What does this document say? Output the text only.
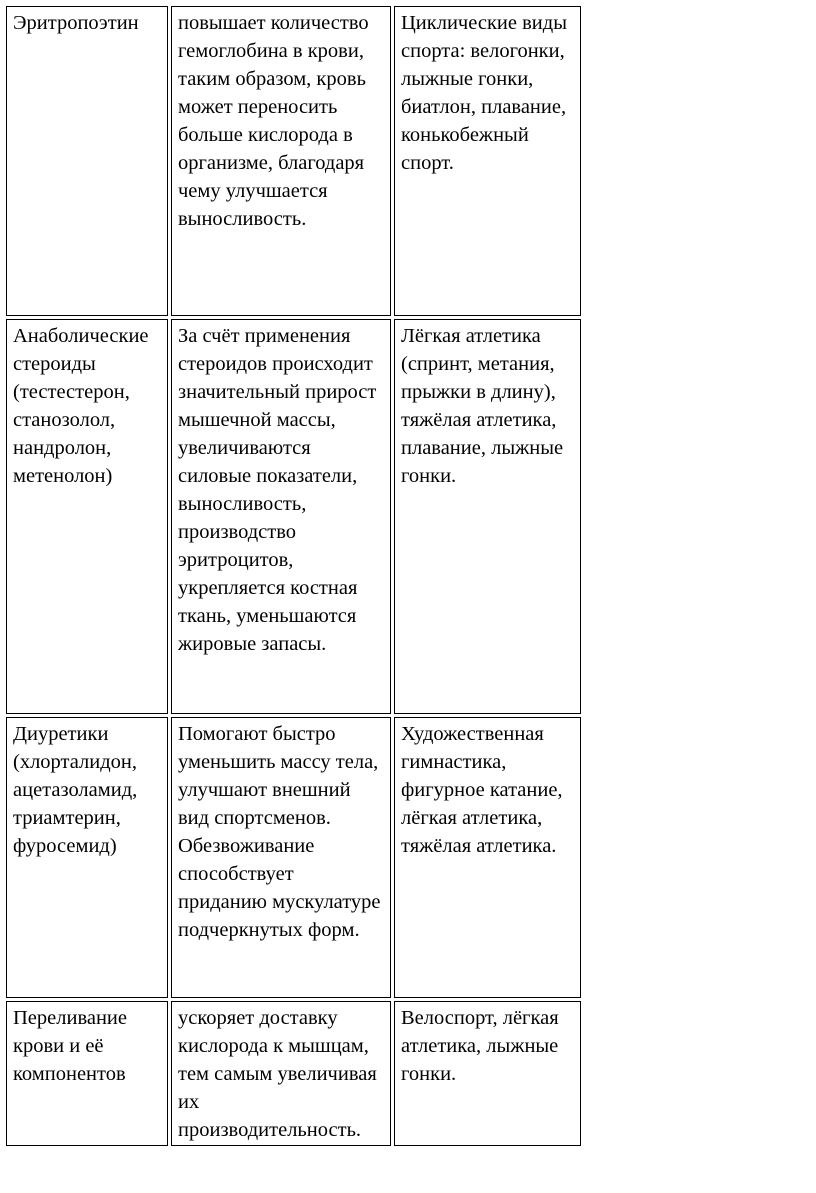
Эритропоэтин	повышает количество гемоглобина в крови, таким образом, кровь может переносить больше кислорода в организме, благодаря чему улучшается выносливость.	Циклические виды спорта: велогонки, лыжные гонки, биатлон, плавание, конькобежный спорт.

Анаболические стероиды (тестестерон, станозолол, нандролон, метенолон)	За счёт применения стероидов происходит значительный прирост мышечной массы, увеличиваются силовые показатели, выносливость, производство эритроцитов, укрепляется костная ткань, уменьшаются жировые запасы.	Лёгкая атлетика (спринт, метания, прыжки в длину), тяжёлая атлетика, плавание, лыжные гонки.

Диуретики (хлорталидон, ацетазоламид, триамтерин, фуросемид)	Помогают быстро уменьшить массу тела, улучшают внешний вид спортсменов. Обезвоживание способствует приданию мускулатуре подчеркнутых форм.	Художественная гимнастика, фигурное катание, лёгкая атлетика, тяжёлая атлетика.

Переливание крови и её компонентов	ускоряет доставку кислорода к мышцам, тем самым увеличивая их производительность.	Велоспорт, лёгкая атлетика, лыжные гонки.
